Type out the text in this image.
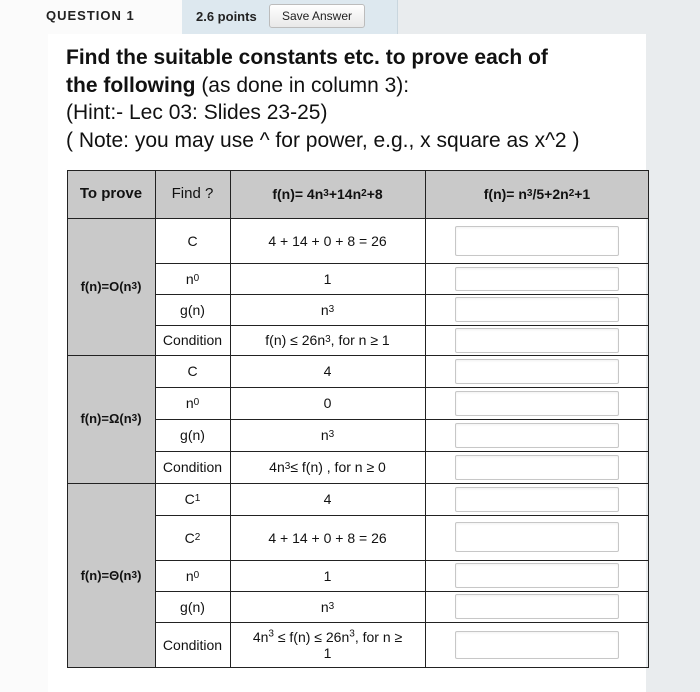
QUESTION 1	2.6 points	Save Answer
Find the suitable constants etc. to prove each of
the following (as done in column 3):
(Hint:- Lec 03: Slides 23-25)
( Note: you may use ^ for power, e.g., x square as x^2 )
To prove	Find ?	f(n)= 4n 3 +14n 2 +8	f(n)= n 3 /5+2n 2 +1
f(n)=O(n 3 )
C	4 + 14 + 0 + 8 = 26
n 0	1
g(n)	n 3
Condition	f(n) ≤ 26n 3 , for n ≥ 1
f(n)=Ω(n 3 )
C	4
n 0	0
g(n)	n 3
Condition	4n 3 ≤ f(n) , for n ≥ 0
f(n)=Θ(n 3 )
C 1	4
C 2	4 + 14 + 0 + 8 = 26
n 0	1
g(n)	n 3
Condition	$4n^3 \le f(n) \le 26n^3$, for n ≥
1
